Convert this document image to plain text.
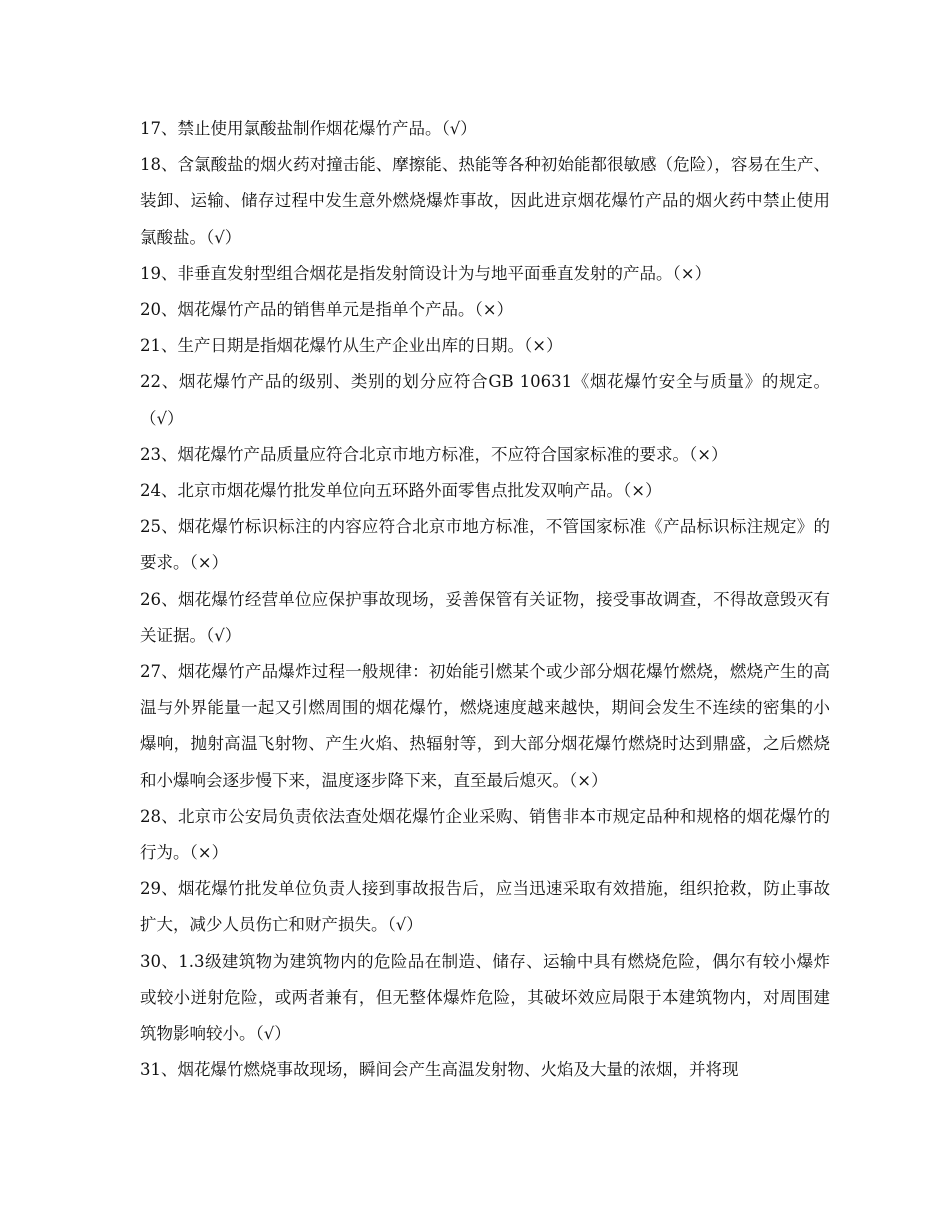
17、禁止使用氯酸盐制作烟花爆竹产品。（√）

18、含氯酸盐的烟火药对撞击能、摩擦能、热能等各种初始能都很敏感（危险），容易在生产、装卸、运输、储存过程中发生意外燃烧爆炸事故，因此进京烟花爆竹产品的烟火药中禁止使用氯酸盐。（√）

19、非垂直发射型组合烟花是指发射筒设计为与地平面垂直发射的产品。（×）

20、烟花爆竹产品的销售单元是指单个产品。（×）

21、生产日期是指烟花爆竹从生产企业出库的日期。（×）

22、烟花爆竹产品的级别、类别的划分应符合GB 10631《烟花爆竹安全与质量》的规定。（√）

23、烟花爆竹产品质量应符合北京市地方标准，不应符合国家标准的要求。（×）

24、北京市烟花爆竹批发单位向五环路外面零售点批发双响产品。（×）

25、烟花爆竹标识标注的内容应符合北京市地方标准，不管国家标准《产品标识标注规定》的要求。（×）

26、烟花爆竹经营单位应保护事故现场，妥善保管有关证物，接受事故调查，不得故意毁灭有关证据。（√）

27、烟花爆竹产品爆炸过程一般规律：初始能引燃某个或少部分烟花爆竹燃烧，燃烧产生的高温与外界能量一起又引燃周围的烟花爆竹，燃烧速度越来越快，期间会发生不连续的密集的小爆响，抛射高温飞射物、产生火焰、热辐射等，到大部分烟花爆竹燃烧时达到鼎盛，之后燃烧和小爆响会逐步慢下来，温度逐步降下来，直至最后熄灭。（×）

28、北京市公安局负责依法查处烟花爆竹企业采购、销售非本市规定品种和规格的烟花爆竹的行为。（×）

29、烟花爆竹批发单位负责人接到事故报告后，应当迅速采取有效措施，组织抢救，防止事故扩大，减少人员伤亡和财产损失。（√）

30、1.3级建筑物为建筑物内的危险品在制造、储存、运输中具有燃烧危险，偶尔有较小爆炸或较小迸射危险，或两者兼有，但无整体爆炸危险，其破坏效应局限于本建筑物内，对周围建筑物影响较小。（√）

31、烟花爆竹燃烧事故现场，瞬间会产生高温发射物、火焰及大量的浓烟，并将现
